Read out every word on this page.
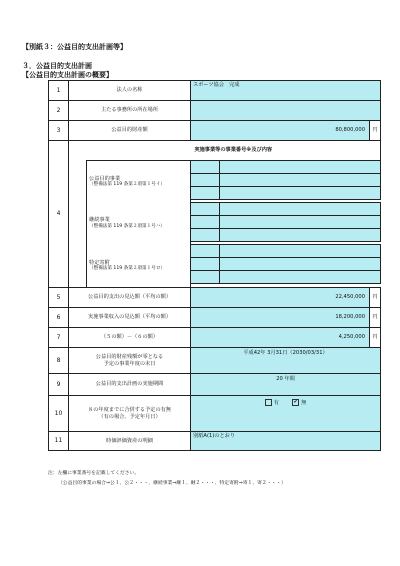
【別紙３：公益目的支出計画等】
３．公益目的支出計画
【公益目的支出計画の概要】
1	法人の名称		スポーツ協会　完成		
2	主たる事務所の所在場所				
3	公益目的財産額		80,800,000		円
4		実施事業等の事業番号※及び内容			
		公益目的事業
（整備法第 119 条第２項第１号イ）			

		継続事業
（整備法第 119 条第２項第１号ハ）			

		特定寄附
（整備法第 119 条第２項第１号ロ）			

5	公益目的支出の見込額（平均の額）		22,450,000		円
6	実施事業収入の見込額（平均の額）		18,200,000		円
7	（５の額）－（６の額）		4,250,000		円
8	公益目的財産残額が零となる
予定の事業年度の末日		平成42年 3月31日（2030/03/31）		
9	公益目的支出計画の実施期間		20 年間		
10	８の年度までに合併する予定の有無
（有の場合、予定年月日）		有 ✔ 無		
11	時価評価資産の明細		別紙A(1)のとおり		
注：左欄に事業番号を記載してください。
（公益目的事業の場合⇒公１、公２・・・、継続事業⇒継１、継２・・・、特定寄附⇒寄１、寄２・・・）
